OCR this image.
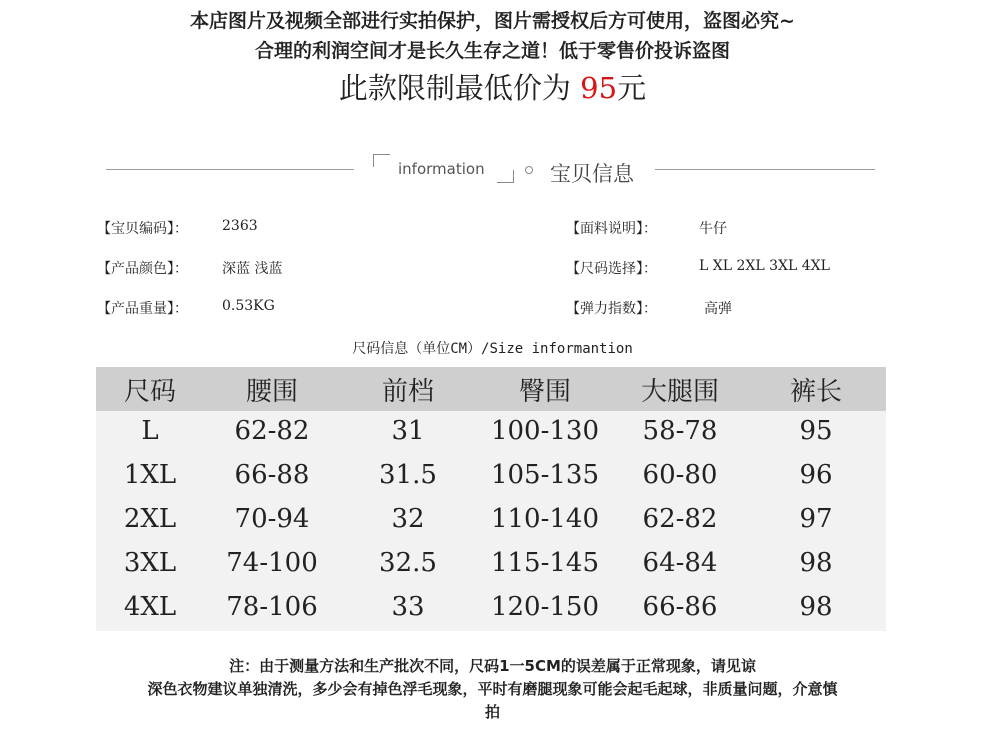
本店图片及视频全部进行实拍保护，图片需授权后方可使用，盗图必究~
合理的利润空间才是长久生存之道！低于零售价投诉盗图
此款限制最低价为 95元
information	宝贝信息
【宝贝编码】： 2363	【面料说明】：	牛仔
【产品颜色】： 深蓝 浅蓝	【尺码选择】：	L XL 2XL 3XL 4XL
【产品重量】： 0.53KG	【弹力指数】：	高弹
尺码信息（单位CM）/Size informantion
尺码	腰围	前档	臀围	大腿围	裤长
L	62-82	31	100-130 58-78	95
1XL 66-88	31.5 105-135 60-80	96
2XL 70-94	32	110-140 62-82	97
3XL 74-100 32.5 115-145 64-84	98
4XL 78-106	33	120-150 66-86	98
注：由于测量方法和生产批次不同，尺码1一5CM的误差属于正常现象，请见谅
深色衣物建议单独清洗，多少会有掉色浮毛现象，平时有磨腿现象可能会起毛起球，非质量问题，介意慎
拍
